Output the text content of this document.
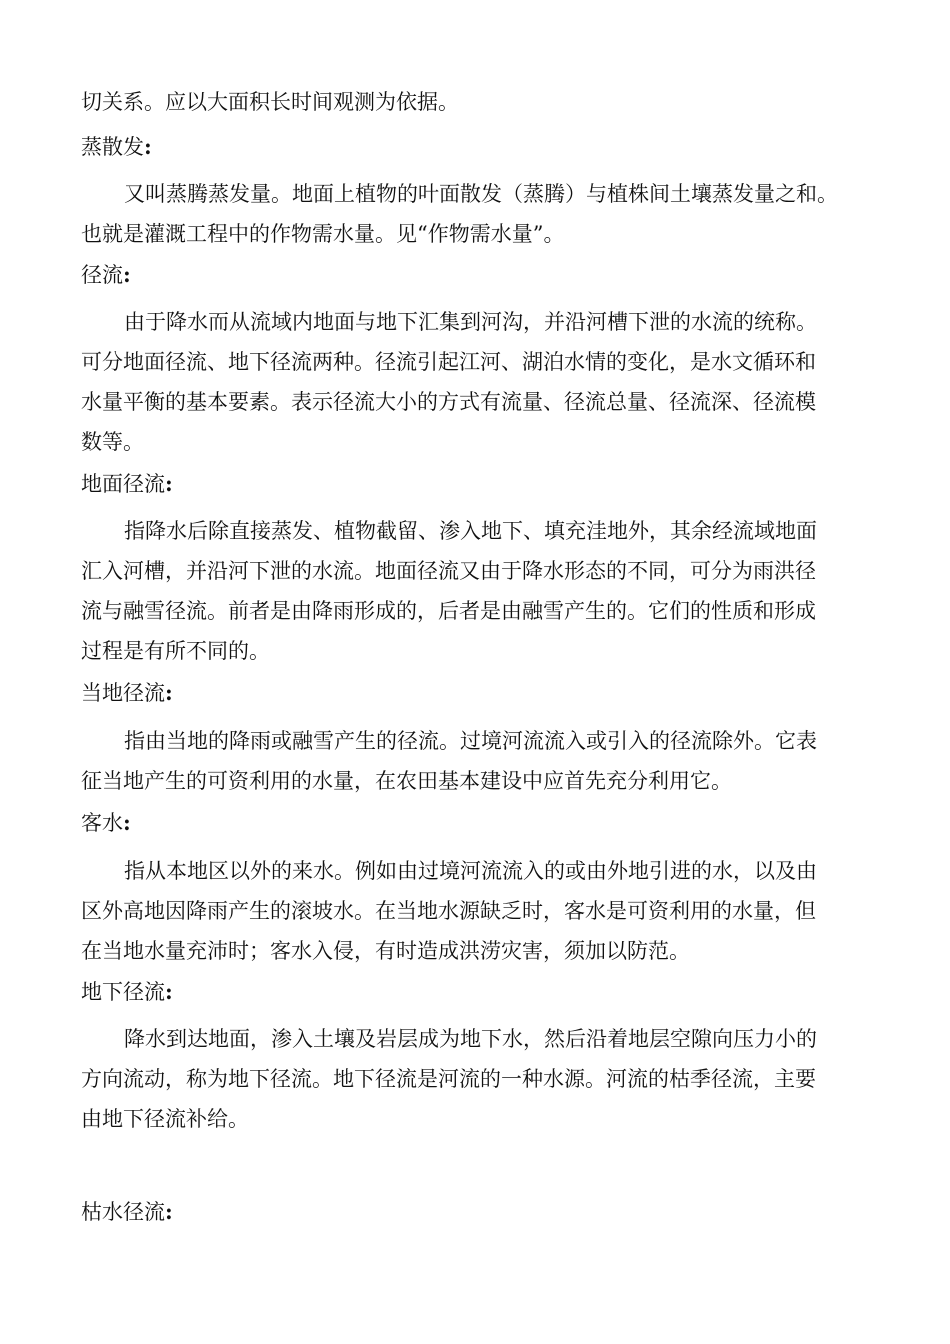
切关系。应以大面积长时间观测为依据。
蒸散发:
又叫蒸腾蒸发量。地面上植物的叶面散发（蒸腾）与植株间土壤蒸发量之和。
也就是灌溉工程中的作物需水量。见“作物需水量”。
径流:
由于降水而从流域内地面与地下汇集到河沟，并沿河槽下泄的水流的统称。
可分地面径流、地下径流两种。径流引起江河、湖泊水情的变化，是水文循环和
水量平衡的基本要素。表示径流大小的方式有流量、径流总量、径流深、径流模
数等。
地面径流:
指降水后除直接蒸发、植物截留、渗入地下、填充洼地外，其余经流域地面
汇入河槽，并沿河下泄的水流。地面径流又由于降水形态的不同，可分为雨洪径
流与融雪径流。前者是由降雨形成的，后者是由融雪产生的。它们的性质和形成
过程是有所不同的。
当地径流:
指由当地的降雨或融雪产生的径流。过境河流流入或引入的径流除外。它表
征当地产生的可资利用的水量，在农田基本建设中应首先充分利用它。
客水:
指从本地区以外的来水。例如由过境河流流入的或由外地引进的水，以及由
区外高地因降雨产生的滚坡水。在当地水源缺乏时，客水是可资利用的水量，但
在当地水量充沛时；客水入侵，有时造成洪涝灾害，须加以防范。
地下径流:
降水到达地面，渗入土壤及岩层成为地下水，然后沿着地层空隙向压力小的
方向流动，称为地下径流。地下径流是河流的一种水源。河流的枯季径流，主要
由地下径流补给。
枯水径流:
